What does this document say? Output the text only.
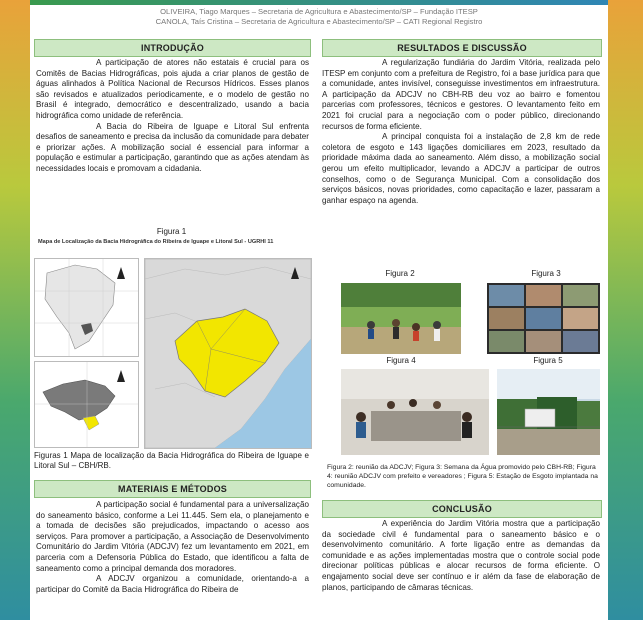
OLIVEIRA, Tiago Marques – Secretaria de Agricultura e Abastecimento/SP – Fundação ITESP
CANOLA, Taís Cristina – Secretaria de Agricultura e Abastecimento/SP – CATI Regional Registro
INTRODUÇÃO

A participação de atores não estatais é crucial para os Comitês de Bacias Hidrográficas, pois ajuda a criar planos de gestão de águas alinhados à Política Nacional de Recursos Hídricos. Esses planos são revisados e atualizados periodicamente, e o modelo de gestão no Brasil é integrado, democrático e descentralizado, usando a bacia hidrográfica como unidade de referência.

A Bacia do Ribeira de Iguape e Litoral Sul enfrenta desafios de saneamento e precisa da inclusão da comunidade para debater e priorizar ações. A mobilização social é essencial para informar a população e estimular a participação, garantindo que as ações atendam às necessidades locais e promovam a cidadania.

Figura 1
Mapa de Localização da Bacia Hidrográfica do Ribeira de Iguape e Litoral Sul - UGRHI 11
Figuras 1 Mapa de localização da Bacia Hidrográfica do Ribeira de Iguape e Litoral Sul – CBH/RB.
MATERIAIS E MÉTODOS

A participação social é fundamental para a universalização do saneamento básico, conforme a Lei 11.445. Sem ela, o planejamento e a tomada de decisões são prejudicados, impactando o acesso aos serviços. Para promover a participação, a Associação de Desenvolvimento Comunitário do Jardim Vitória (ADCJV) fez um levantamento em 2021, em parceria com a Defensoria Pública do Estado, que identificou a falta de saneamento como a principal demanda dos moradores.

A ADCJV organizou a comunidade, orientando-a a participar do Comitê da Bacia Hidrográfica do Ribeira de

RESULTADOS E DISCUSSÃO

A regularização fundiária do Jardim Vitória, realizada pelo ITESP em conjunto com a prefeitura de Registro, foi a base jurídica para que a comunidade, antes invisível, conseguisse investimentos em infraestrutura. A participação da ADCJV no CBH-RB deu voz ao bairro e fomentou parcerias com professores, técnicos e gestores. O levantamento feito em 2021 foi crucial para a negociação com o poder público, direcionando recursos de forma eficiente.

A principal conquista foi a instalação de 2,8 km de rede coletora de esgoto e 143 ligações domiciliares em 2023, resultado da prioridade máxima dada ao saneamento. Além disso, a mobilização social gerou um efeito multiplicador, levando a ADCJV a participar de outros conselhos, como o de Segurança Municipal. Com a consolidação dos serviços básicos, novas prioridades, como capacitação e lazer, passaram a ganhar espaço na agenda.

Figura 2	Figura 3
Figura 4	Figura 5
Figura 2: reunião da ADCJV; Figura 3: Semana da Água promovido pelo CBH-RB; Figura 4: reunião ADCJV com prefeito e vereadores ; Figura 5: Estação de Esgoto implantada na comunidade.
CONCLUSÃO

A experiência do Jardim Vitória mostra que a participação da sociedade civil é fundamental para o saneamento básico e o desenvolvimento comunitário. A forte ligação entre as demandas da comunidade e as ações implementadas mostra que o controle social pode direcionar políticas públicas e alocar recursos de forma eficiente. O engajamento social deve ser contínuo e ir além da fase de elaboração de planos, participando de câmaras técnicas.
